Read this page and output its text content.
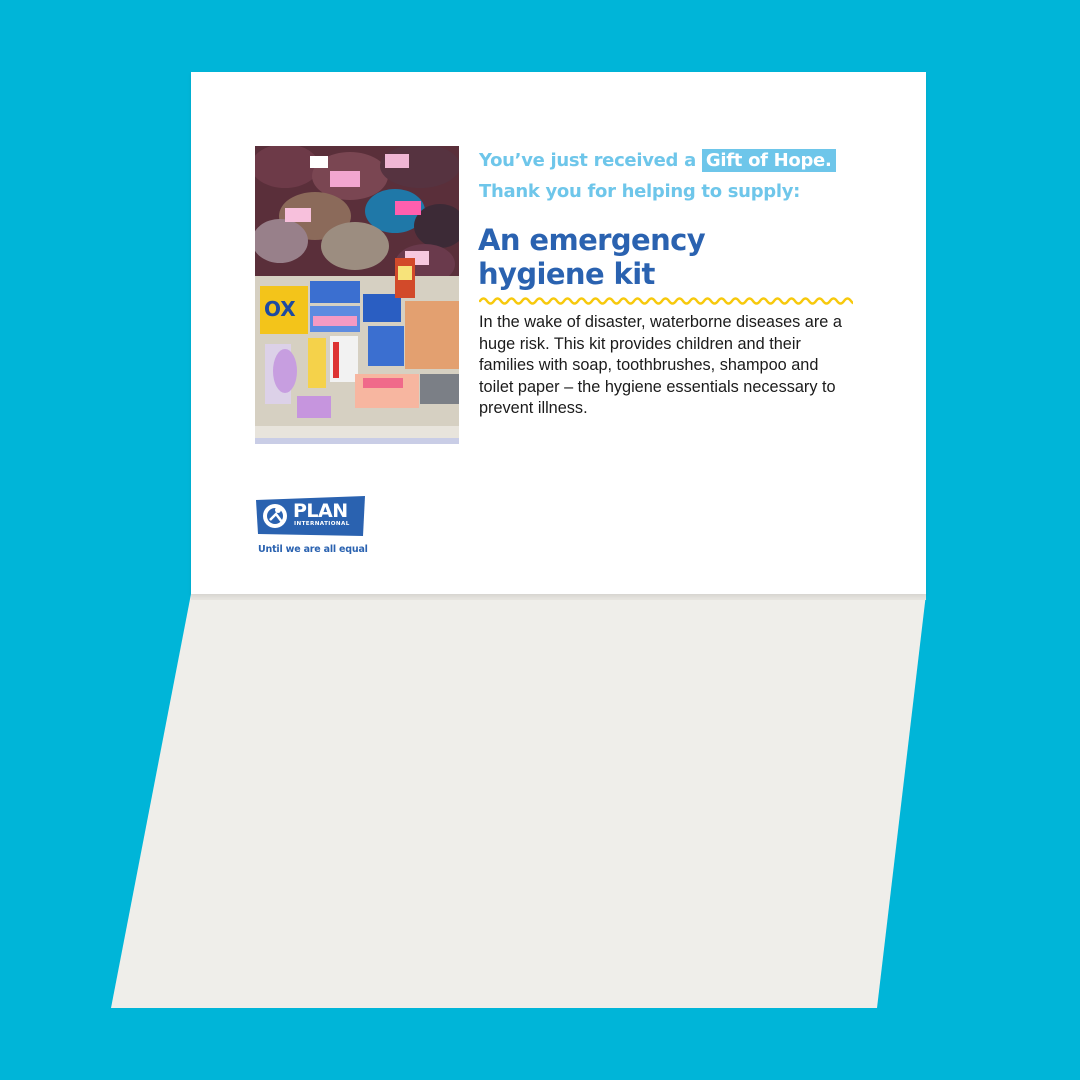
OX
You’ve just received a Gift of Hope.
Thank you for helping to supply:
An emergency hygiene kit
In the wake of disaster, waterborne diseases are a huge risk. This kit provides children and their families with soap, toothbrushes, shampoo and toilet paper – the hygiene essentials necessary to prevent illness.
PLAN
INTERNATIONAL
Until we are all equal
